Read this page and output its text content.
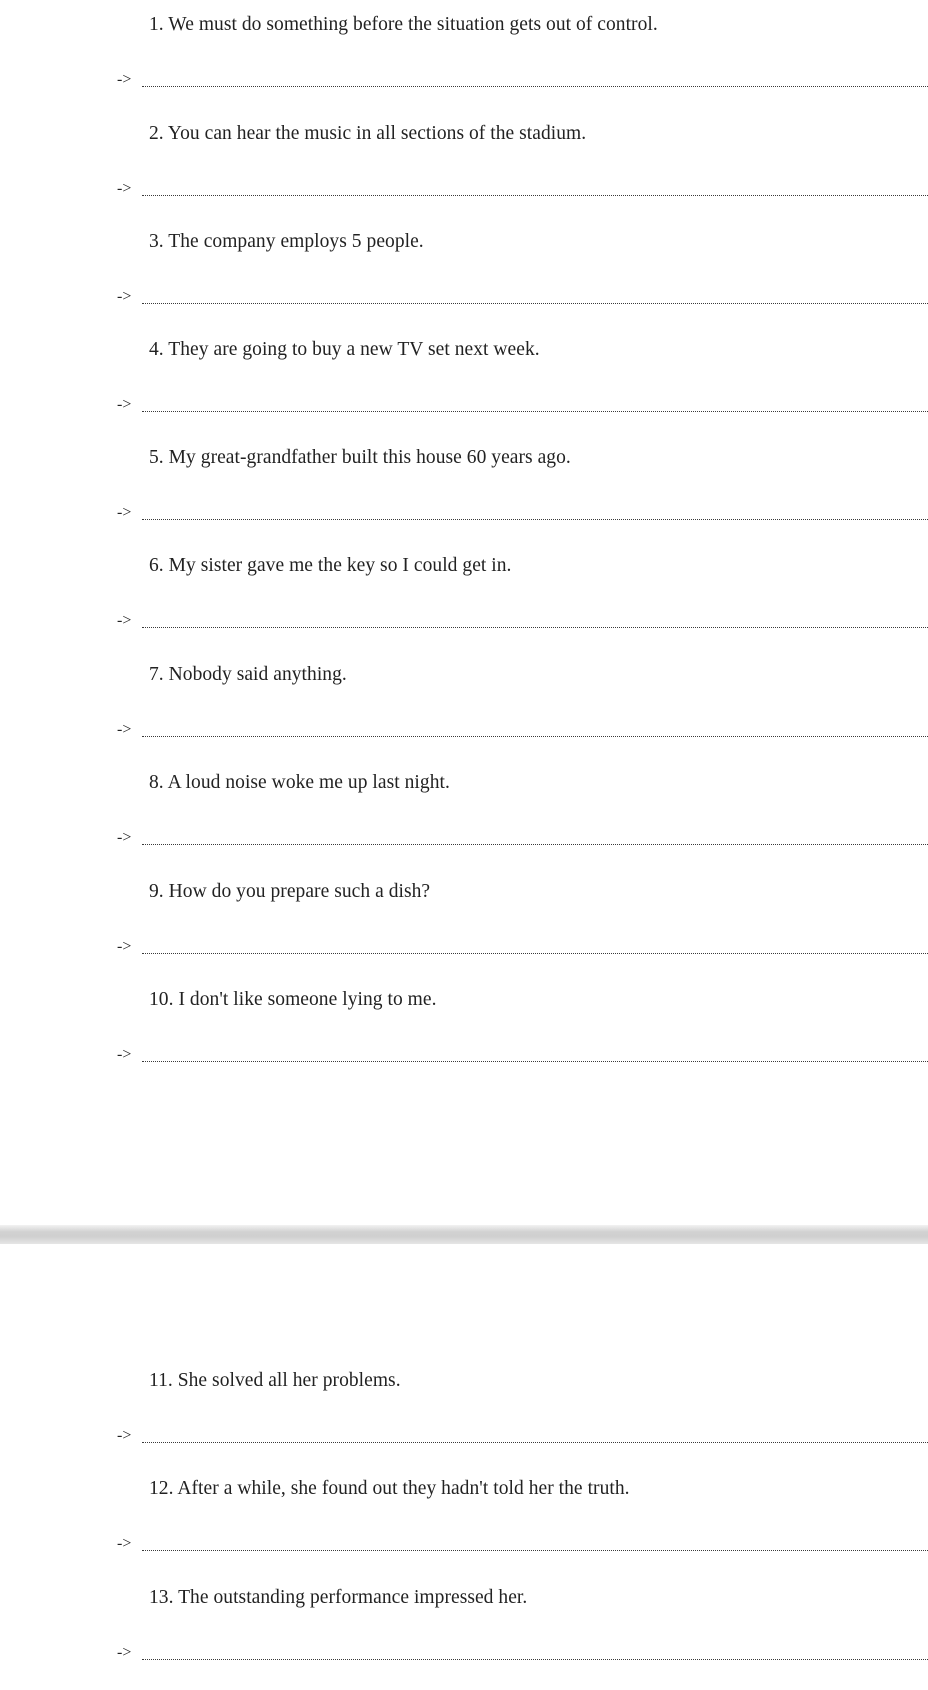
1. We must do something before the situation gets out of control.
->
2. You can hear the music in all sections of the stadium.
->
3. The company employs 5 people.
->
4. They are going to buy a new TV set next week.
->
5. My great-grandfather built this house 60 years ago.
->
6. My sister gave me the key so I could get in.
->
7. Nobody said anything.
->
8. A loud noise woke me up last night.
->
9. How do you prepare such a dish?
->
10. I don't like someone lying to me.
->
11. She solved all her problems.
->
12. After a while, she found out they hadn't told her the truth.
->
13. The outstanding performance impressed her.
->
